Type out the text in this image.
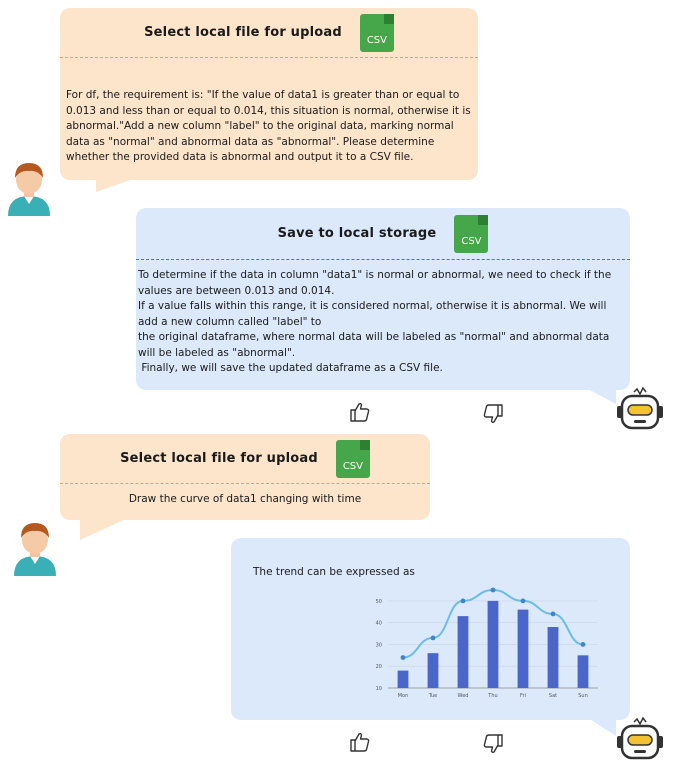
Select local file for upload CSV
For df, the requirement is: "If the value of data1 is greater than or equal to 0.013 and less than or equal to 0.014, this situation is normal, otherwise it is abnormal."Add a new column "label" to the original data, marking normal data as "normal" and abnormal data as "abnormal". Please determine whether the provided data is abnormal and output it to a CSV file.
Save to local storage CSV
To determine if the data in column "data1" is normal or abnormal, we need to check if the values are between 0.013 and 0.014.
If a value falls within this range, it is considered normal, otherwise it is abnormal. We will add a new column called "label" to
the original dataframe, where normal data will be labeled as "normal" and abnormal data will be labeled as "abnormal".
Finally, we will save the updated dataframe as a CSV file.
Select local file for upload CSV
Draw the curve of data1 changing with time
The trend can be expressed as
10
20
30
40
50
Mon	Tue	Wed	Thu	Fri	Sat	Sun
